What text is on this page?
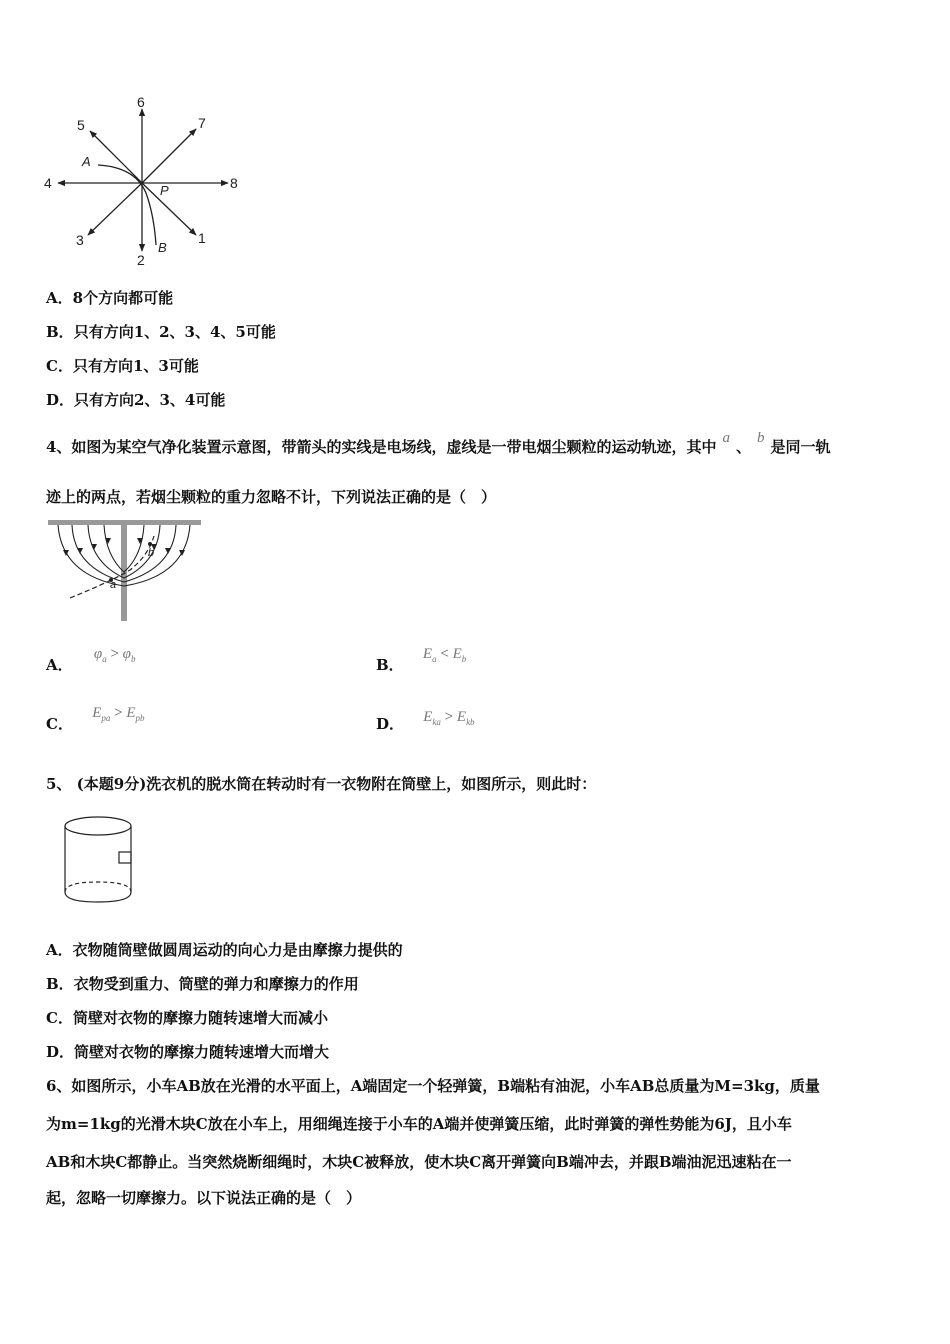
6
2
4	8
5	7
3	1
A
B
P
A．8个方向都可能
B．只有方向1、2、3、4、5可能
C．只有方向1、3可能
D．只有方向2、3、4可能
4、如图为某空气净化装置示意图，带箭头的实线是电场线，虚线是一带电烟尘颗粒的运动轨迹，其中 a 、 b 是同一轨
迹上的两点，若烟尘颗粒的重力忽略不计，下列说法正确的是（　）
a
b
A． $\varphi_a > \varphi_b$	B． $E_a < E_b$
C． $E_{pa} > E_{pb}$	D． $E_{ka} > E_{kb}$
5、 (本题9分)洗衣机的脱水筒在转动时有一衣物附在筒壁上，如图所示，则此时：
A．衣物随筒壁做圆周运动的向心力是由摩擦力提供的
B．衣物受到重力、筒壁的弹力和摩擦力的作用
C．筒壁对衣物的摩擦力随转速增大而减小
D．筒壁对衣物的摩擦力随转速增大而增大
6、如图所示，小车AB放在光滑的水平面上，A端固定一个轻弹簧，B端粘有油泥，小车AB总质量为M=3kg，质量
为m=1kg的光滑木块C放在小车上，用细绳连接于小车的A端并使弹簧压缩，此时弹簧的弹性势能为6J，且小车
AB和木块C都静止。当突然烧断细绳时，木块C被释放，使木块C离开弹簧向B端冲去，并跟B端油泥迅速粘在一
起，忽略一切摩擦力。以下说法正确的是（　）
